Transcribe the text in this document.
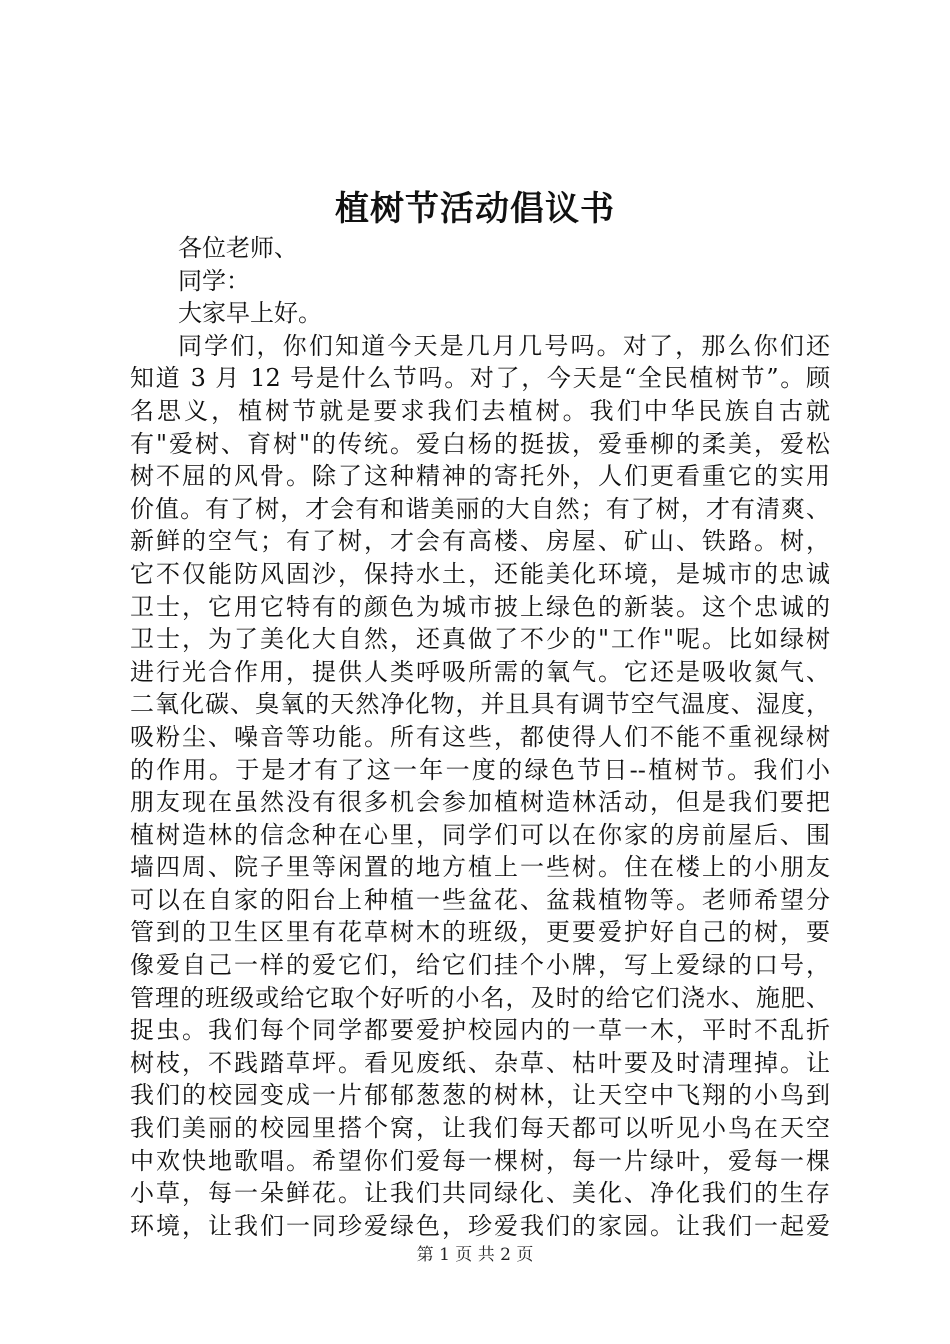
植树节活动倡议书

各位老师、

同学：

大家早上好。

同学们，你们知道今天是几月几号吗。对了，那么你们还

知道 3 月 12 号是什么节吗。对了，今天是“全民植树节”。顾

名思义，植树节就是要求我们去植树。我们中华民族自古就

有"爱树、育树"的传统。爱白杨的挺拔，爱垂柳的柔美，爱松

树不屈的风骨。除了这种精神的寄托外，人们更看重它的实用

价值。有了树，才会有和谐美丽的大自然；有了树，才有清爽、

新鲜的空气；有了树，才会有高楼、房屋、矿山、铁路。树，

它不仅能防风固沙，保持水土，还能美化环境，是城市的忠诚

卫士，它用它特有的颜色为城市披上绿色的新装。这个忠诚的

卫士，为了美化大自然，还真做了不少的"工作"呢。比如绿树

进行光合作用，提供人类呼吸所需的氧气。它还是吸收氮气、

二氧化碳、臭氧的天然净化物，并且具有调节空气温度、湿度，

吸粉尘、噪音等功能。所有这些，都使得人们不能不重视绿树

的作用。于是才有了这一年一度的绿色节日--植树节。我们小

朋友现在虽然没有很多机会参加植树造林活动，但是我们要把

植树造林的信念种在心里，同学们可以在你家的房前屋后、围

墙四周、院子里等闲置的地方植上一些树。住在楼上的小朋友

可以在自家的阳台上种植一些盆花、盆栽植物等。老师希望分

管到的卫生区里有花草树木的班级，更要爱护好自己的树，要

像爱自己一样的爱它们，给它们挂个小牌，写上爱绿的口号，

管理的班级或给它取个好听的小名，及时的给它们浇水、施肥、

捉虫。我们每个同学都要爱护校园内的一草一木，平时不乱折

树枝，不践踏草坪。看见废纸、杂草、枯叶要及时清理掉。让

我们的校园变成一片郁郁葱葱的树林，让天空中飞翔的小鸟到

我们美丽的校园里搭个窝，让我们每天都可以听见小鸟在天空

中欢快地歌唱。希望你们爱每一棵树，每一片绿叶，爱每一棵

小草，每一朵鲜花。让我们共同绿化、美化、净化我们的生存

环境，让我们一同珍爱绿色，珍爱我们的家园。让我们一起爱

第 1 页 共 2 页
